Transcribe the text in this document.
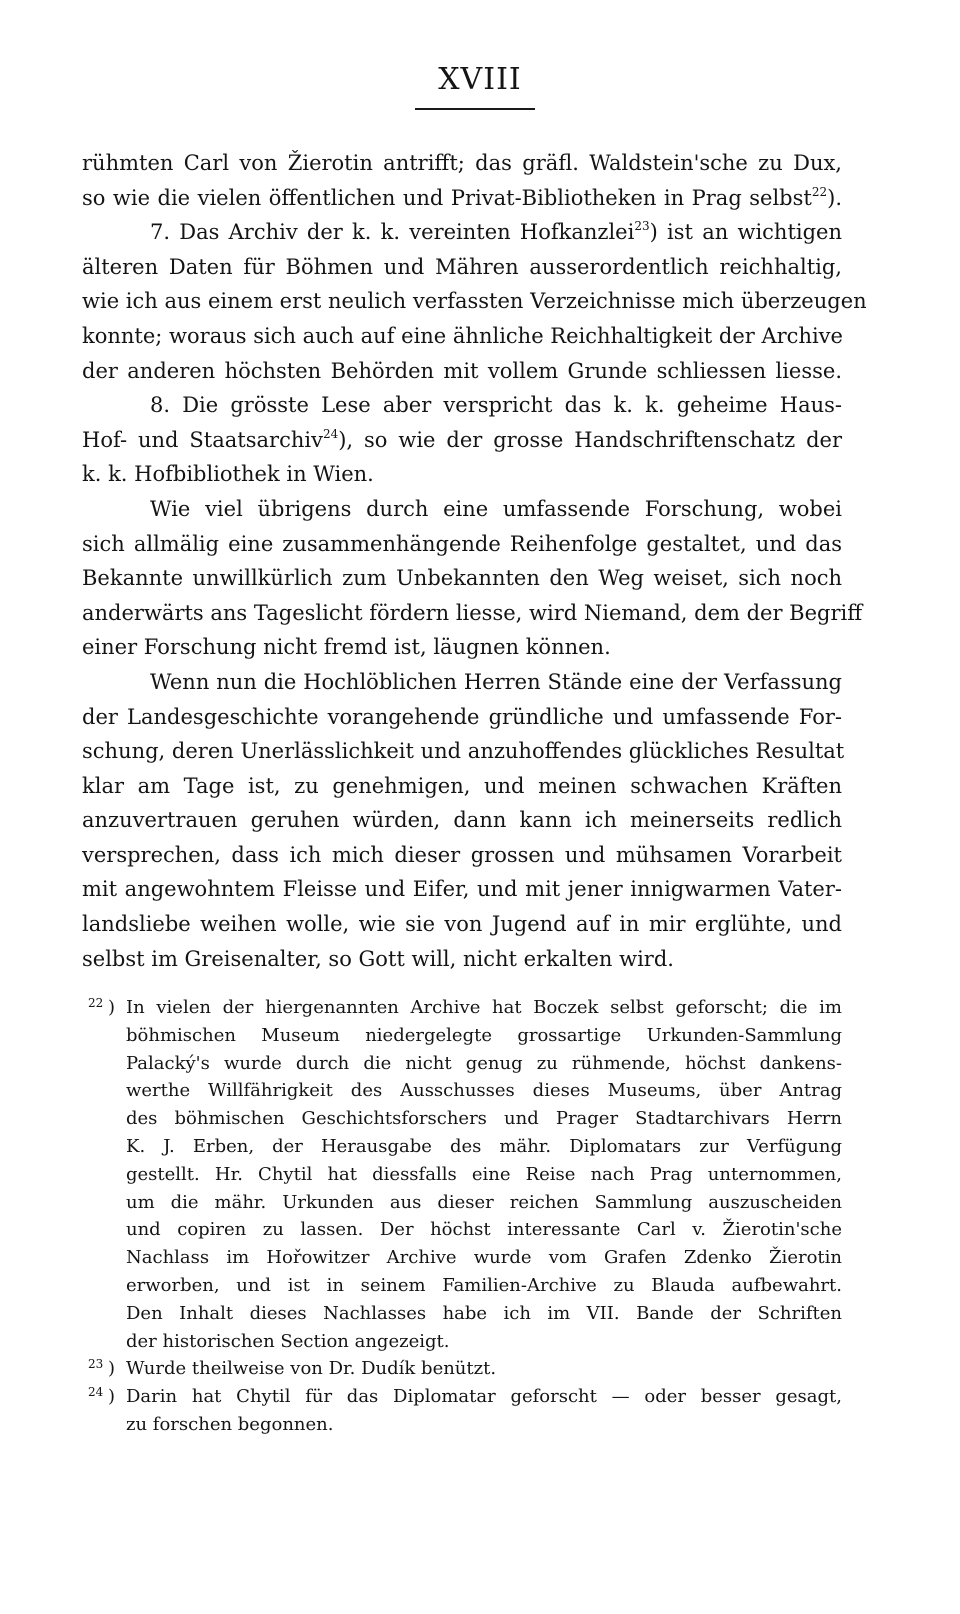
XVIII
rühmten Carl von Žierotin antrifft; das gräfl. Waldstein'sche zu Dux,
so wie die vielen öffentlichen und Privat-Bibliotheken in Prag selbst$^{22}$).
7. Das Archiv der k. k. vereinten Hofkanzlei$^{23}$) ist an wichtigen
älteren Daten für Böhmen und Mähren ausserordentlich reichhaltig,
wie ich aus einem erst neulich verfassten Verzeichnisse mich überzeugen
konnte; woraus sich auch auf eine ähnliche Reichhaltigkeit der Archive
der anderen höchsten Behörden mit vollem Grunde schliessen liesse.
8. Die grösste Lese aber verspricht das k. k. geheime Haus-
Hof- und Staatsarchiv$^{24}$), so wie der grosse Handschriftenschatz der
k. k. Hofbibliothek in Wien.
Wie viel übrigens durch eine umfassende Forschung, wobei
sich allmälig eine zusammenhängende Reihenfolge gestaltet, und das
Bekannte unwillkürlich zum Unbekannten den Weg weiset, sich noch
anderwärts ans Tageslicht fördern liesse, wird Niemand, dem der Begriff
einer Forschung nicht fremd ist, läugnen können.
Wenn nun die Hochlöblichen Herren Stände eine der Verfassung
der Landesgeschichte vorangehende gründliche und umfassende For-
schung, deren Unerlässlichkeit und anzuhoffendes glückliches Resultat
klar am Tage ist, zu genehmigen, und meinen schwachen Kräften
anzuvertrauen geruhen würden, dann kann ich meinerseits redlich
versprechen, dass ich mich dieser grossen und mühsamen Vorarbeit
mit angewohntem Fleisse und Eifer, und mit jener innigwarmen Vater-
landsliebe weihen wolle, wie sie von Jugend auf in mir erglühte, und
selbst im Greisenalter, so Gott will, nicht erkalten wird.
22 ) In vielen der hiergenannten Archive hat Boczek selbst geforscht; die im
böhmischen Museum niedergelegte grossartige Urkunden-Sammlung
Palacký's wurde durch die nicht genug zu rühmende, höchst dankens-
werthe Willfährigkeit des Ausschusses dieses Museums, über Antrag
des böhmischen Geschichtsforschers und Prager Stadtarchivars Herrn
K. J. Erben, der Herausgabe des mähr. Diplomatars zur Verfügung
gestellt. Hr. Chytil hat diessfalls eine Reise nach Prag unternommen,
um die mähr. Urkunden aus dieser reichen Sammlung auszuscheiden
und copiren zu lassen. Der höchst interessante Carl v. Žierotin'sche
Nachlass im Hořowitzer Archive wurde vom Grafen Zdenko Žierotin
erworben, und ist in seinem Familien-Archive zu Blauda aufbewahrt.
Den Inhalt dieses Nachlasses habe ich im VII. Bande der Schriften
der historischen Section angezeigt.
23 ) Wurde theilweise von Dr. Dudík benützt.
24 ) Darin hat Chytil für das Diplomatar geforscht — oder besser gesagt,
zu forschen begonnen.
